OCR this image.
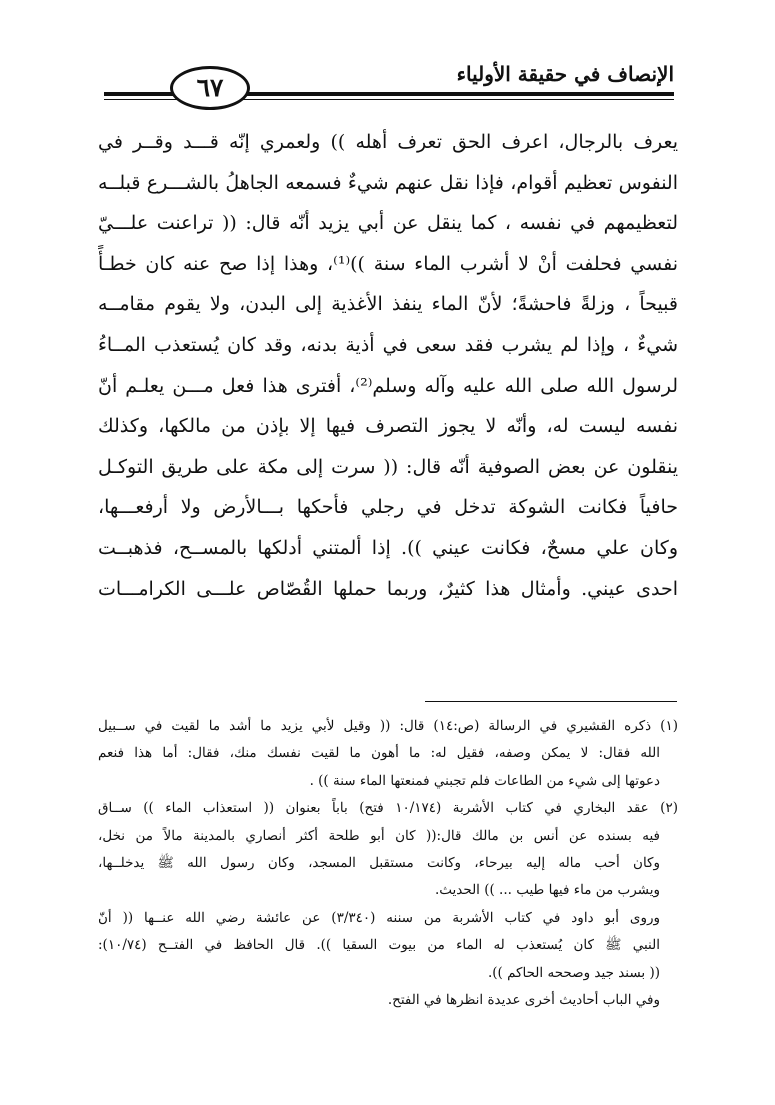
الإنصاف في حقيقة الأولياء
٦٧
يعرف بالرجال، اعرف الحق تعرف أهله )) ولعمري إنّه قـــد وقــر في
النفوس تعظيم أقوام، فإذا نقل عنهم شيءٌ فسمعه الجاهلُ بالشـــرع قبلــه
لتعظيمهم في نفسه ، كما ينقل عن أبي يزيد أنّه قال: (( تراعنت علـــيّ
نفسي فحلفت أنْ لا أشرب الماء سنة ))⁽¹⁾، وهذا إذا صح عنه كان خطـأً
قبيحاً ، وزلةً فاحشةً؛ لأنّ الماء ينفذ الأغذية إلى البدن، ولا يقوم مقامــه
شيءٌ ، وإذا لم يشرب فقد سعى في أذية بدنه، وقد كان يُستعذب المــاءُ
لرسول الله صلى الله عليه وآله وسلم⁽²⁾، أفترى هذا فعل مـــن يعلـم أنّ
نفسه ليست له، وأنّه لا يجوز التصرف فيها إلا بإذن من مالكها، وكذلك
ينقلون عن بعض الصوفية أنّه قال: (( سرت إلى مكة على طريق التوكـل
حافياً فكانت الشوكة تدخل في رجلي فأحكها بـــالأرض ولا أرفعـــها،
وكان علي مسحٌ، فكانت عيني )). إذا ألمتني أدلكها بالمســح، فذهبــت
احدى عيني. وأمثال هذا كثيرٌ، وربما حملها القُصّاص علـــى الكرامـــات
(١) ذكره القشيري في الرسالة (ص:١٤) قال: (( وقيل لأبي يزيد ما أشد ما لقيت في ســبيل
الله فقال: لا يمكن وصفه، فقيل له: ما أهون ما لقيت نفسك منك، فقال: أما هذا فنعم
دعوتها إلى شيء من الطاعات فلم تجبني فمنعتها الماء سنة )) .
(٢) عقد البخاري في كتاب الأشربة (١٠/١٧٤ فتح) باباً بعنوان (( استعذاب الماء )) ســاق
فيه بسنده عن أنس بن مالك قال:(( كان أبو طلحة أكثر أنصاري بالمدينة مالاً من نخل،
وكان أحب ماله إليه بيرحاء، وكانت مستقبل المسجد، وكان رسول الله ﷺ يدخلــها،
ويشرب من ماء فيها طيب ... )) الحديث.
وروى أبو داود في كتاب الأشربة من سننه (٣/٣٤٠) عن عائشة رضي الله عنــها (( أنّ
النبي ﷺ كان يُستعذب له الماء من بيوت السقيا )). قال الحافظ في الفتــح (١٠/٧٤):
(( بسند جيد وصححه الحاكم )).
وفي الباب أحاديث أخرى عديدة انظرها في الفتح.
